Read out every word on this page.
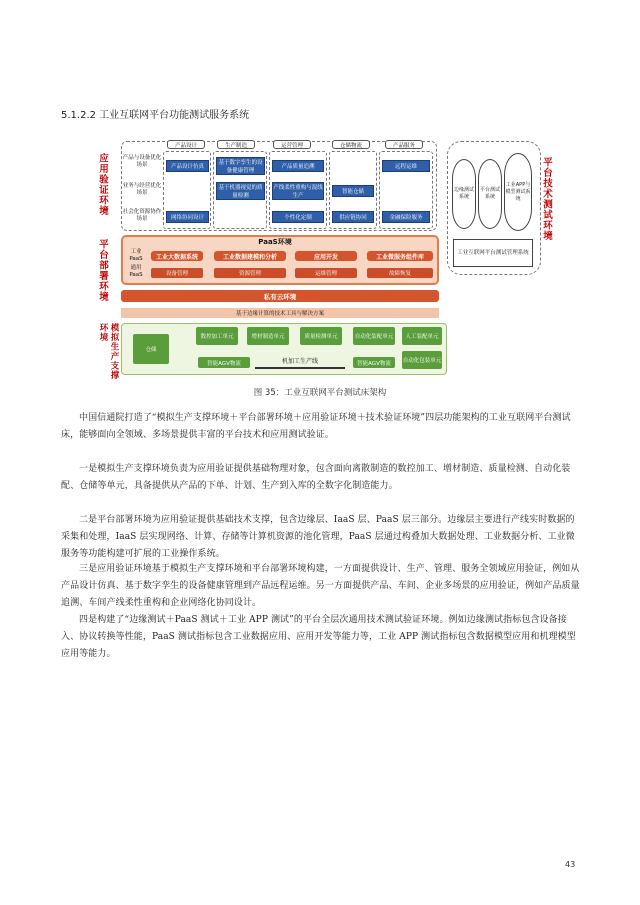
5.1.2.2 工业互联网平台功能测试服务系统
应用验证环境
平台部署环境
模拟生产支撑环境
平台技术测试环境
产品与设备优化场景
业务与经营优化场景
社会化资源协作场景
产品设计	生产制造	运营管理	仓储物流	产品服务
产品设计仿真
基于数字孪生的设备健康管理
产品质量追溯	远程运维
基于机器视觉的质量检测
产线柔性重构与混线生产
智能仓储
网络协同设计	个性化定制	供应链协同	金融保险服务
PaaS环境
工业PaaS
通用PaaS
工业大数据系统	工业数据建模和分析	应用开发	工业微服务组件库
设备管理	资源管理	运维管理	故障恢复
私有云环境
基于边缘计算的技术工具与解决方案
仓储
数控加工单元	增材制造单元	质量检测单元	自动化装配单元	人工装配单元
智能AGV物流	机加工生产线	智能AGV物流	自动化包装单元
边缘测试系统
平台测试系统
工业APP与模型测试系统
工业互联网平台测试管理系统
图 35：工业互联网平台测试床架构
中国信通院打造了“模拟生产支撑环境＋平台部署环境＋应用验证环境＋技术验证环境”四层功能架构的工业互联网平台测试床，能够面向全领域、多场景提供丰富的平台技术和应用测试验证。
一是模拟生产支撑环境负责为应用验证提供基础物理对象，包含面向离散制造的数控加工、增材制造、质量检测、自动化装配、仓储等单元，具备提供从产品的下单、计划、生产到入库的全数字化制造能力。
二是平台部署环境为应用验证提供基础技术支撑，包含边缘层、IaaS 层、PaaS 层三部分。边缘层主要进行产线实时数据的采集和处理，IaaS 层实现网络、计算、存储等计算机资源的池化管理，PaaS 层通过构叠加大数据处理、工业数据分析、工业微服务等功能构建可扩展的工业操作系统。
三是应用验证环境基于模拟生产支撑环境和平台部署环境构建，一方面提供设计、生产、管理、服务全领域应用验证，例如从产品设计仿真、基于数字孪生的设备健康管理到产品远程运维。另一方面提供产品、车间、企业多场景的应用验证，例如产品质量追溯、车间产线柔性重构和企业网络化协同设计。
四是构建了“边缘测试＋PaaS 测试＋工业 APP 测试”的平台全层次通用技术测试验证环境。例如边缘测试指标包含设备接入、协议转换等性能，PaaS 测试指标包含工业数据应用、应用开发等能力等，工业 APP 测试指标包含数据模型应用和机理模型应用等能力。
43
